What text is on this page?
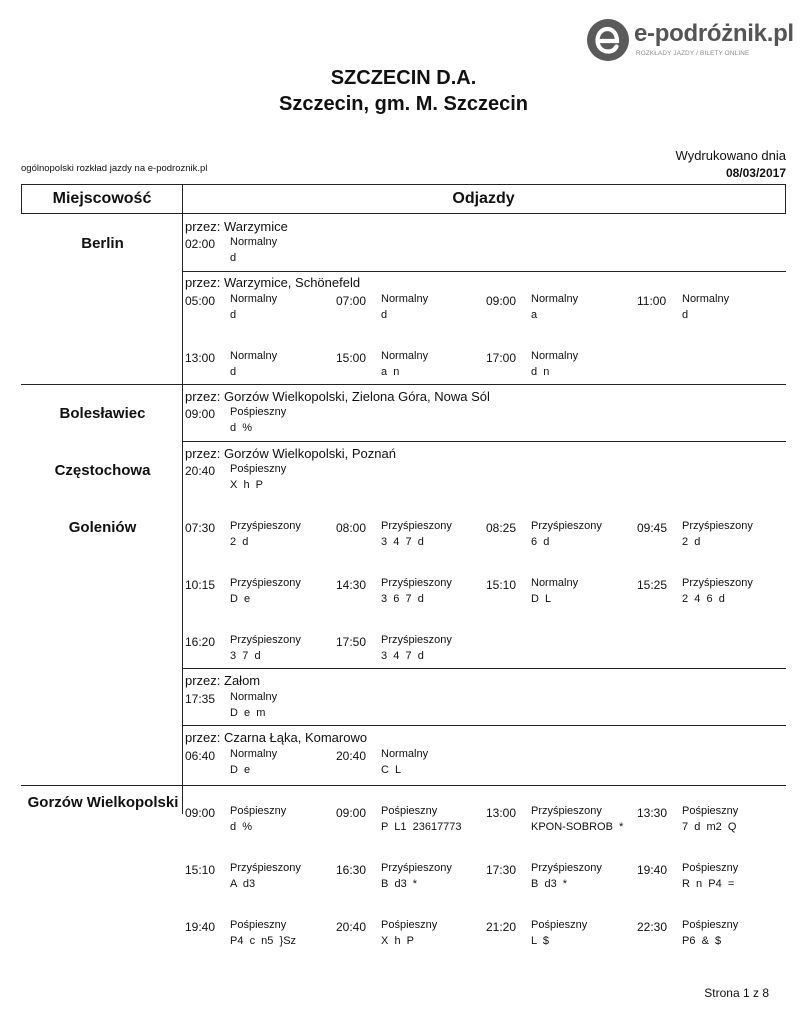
e-podróżnik.pl
ROZKŁADY JAZDY / BILETY ONLINE
SZCZECIN D.A.
Szczecin, gm. M. Szczecin
ogólnopolski rozkład jazdy na e-podroznik.pl
Wydrukowano dnia
08/03/2017
Miejscowość	Odjazdy
Berlin
przez: Warzymice
02:00 Normalny
d
przez: Warzymice, Schönefeld
05:00 Normalny
d
07:00 Normalny
d
09:00 Normalny
a
11:00 Normalny
d
13:00 Normalny
d
15:00 Normalny
a  n
17:00 Normalny
d  n
Bolesławiec
przez: Gorzów Wielkopolski, Zielona Góra, Nowa Sól
09:00 Pośpieszny
d  %
Częstochowa
przez: Gorzów Wielkopolski, Poznań
20:40 Pośpieszny
X  h  P
Goleniów	07:30 Przyśpieszony
2  d
08:00 Przyśpieszony
3  4  7  d
08:25 Przyśpieszony
6  d
09:45 Przyśpieszony
2  d
10:15 Przyśpieszony
D  e
14:30 Przyśpieszony
3  6  7  d
15:10 Normalny
D  L
15:25 Przyśpieszony
2  4  6  d
16:20 Przyśpieszony
3  7  d
17:50 Przyśpieszony
3  4  7  d
przez: Załom
17:35 Normalny
D  e  m
przez: Czarna Łąka, Komarowo
06:40 Normalny
D  e
20:40 Normalny
C  L
Gorzów Wielkopolski
09:00 Pośpieszny
d  %
09:00 Pośpieszny
P  L1  23617773
13:00 Przyśpieszony
KPON-SOBROB  *
13:30 Pośpieszny
7  d  m2  Q
15:10 Przyśpieszony
A  d3
16:30 Przyśpieszony
B  d3  *
17:30 Przyśpieszony
B  d3  *
19:40 Pośpieszny
R  n  P4  =
19:40 Pośpieszny
P4  c  n5  }Sz
20:40 Pośpieszny
X  h  P
21:20 Pośpieszny
L  $
22:30 Pośpieszny
P6  &  $
Strona 1 z 8
